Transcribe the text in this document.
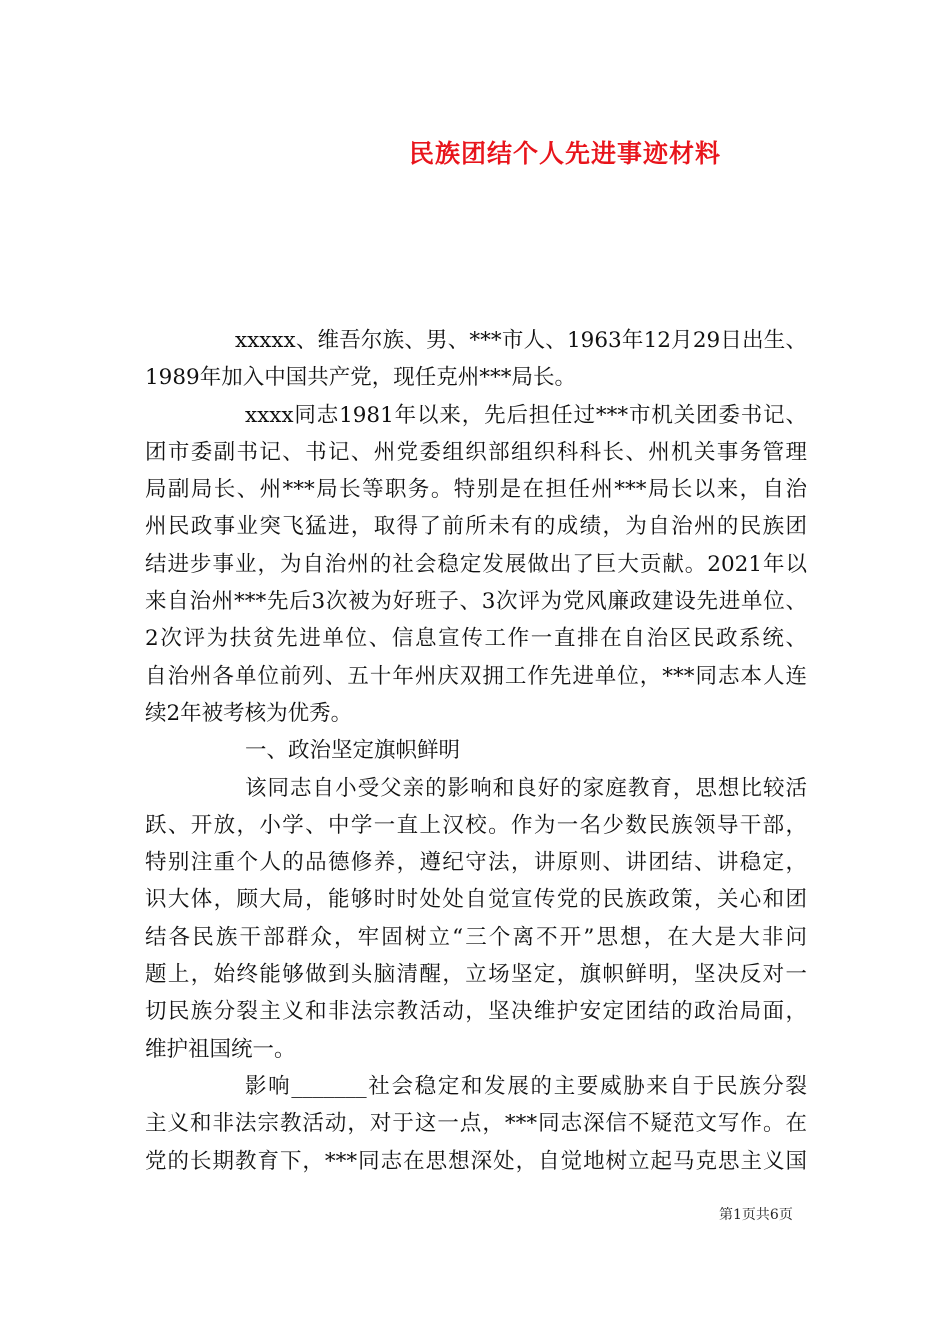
民族团结个人先进事迹材料
xxxxx、维吾尔族、男、***市人、1963年12月29日出生、
1989年加入中国共产党，现任克州***局长。
xxxx同志1981年以来，先后担任过***市机关团委书记、
团市委副书记、书记、州党委组织部组织科科长、州机关事务管理
局副局长、州***局长等职务。特别是在担任州***局长以来，自治
州民政事业突飞猛进，取得了前所未有的成绩，为自治州的民族团
结进步事业，为自治州的社会稳定发展做出了巨大贡献。2021年以
来自治州***先后3次被为好班子、3次评为党风廉政建设先进单位、
2次评为扶贫先进单位、信息宣传工作一直排在自治区民政系统、
自治州各单位前列、五十年州庆双拥工作先进单位，***同志本人连
续2年被考核为优秀。
一、政治坚定旗帜鲜明
该同志自小受父亲的影响和良好的家庭教育，思想比较活
跃、开放，小学、中学一直上汉校。作为一名少数民族领导干部，
特别注重个人的品德修养，遵纪守法，讲原则、讲团结、讲稳定，
识大体，顾大局，能够时时处处自觉宣传党的民族政策，关心和团
结各民族干部群众，牢固树立“三个离不开”思想，在大是大非问
题上，始终能够做到头脑清醒，立场坚定，旗帜鲜明，坚决反对一
切民族分裂主义和非法宗教活动，坚决维护安定团结的政治局面，
维护祖国统一。
影响_______社会稳定和发展的主要威胁来自于民族分裂
主义和非法宗教活动，对于这一点，***同志深信不疑范文写作。在
党的长期教育下，***同志在思想深处，自觉地树立起马克思主义国
第1页共6页
